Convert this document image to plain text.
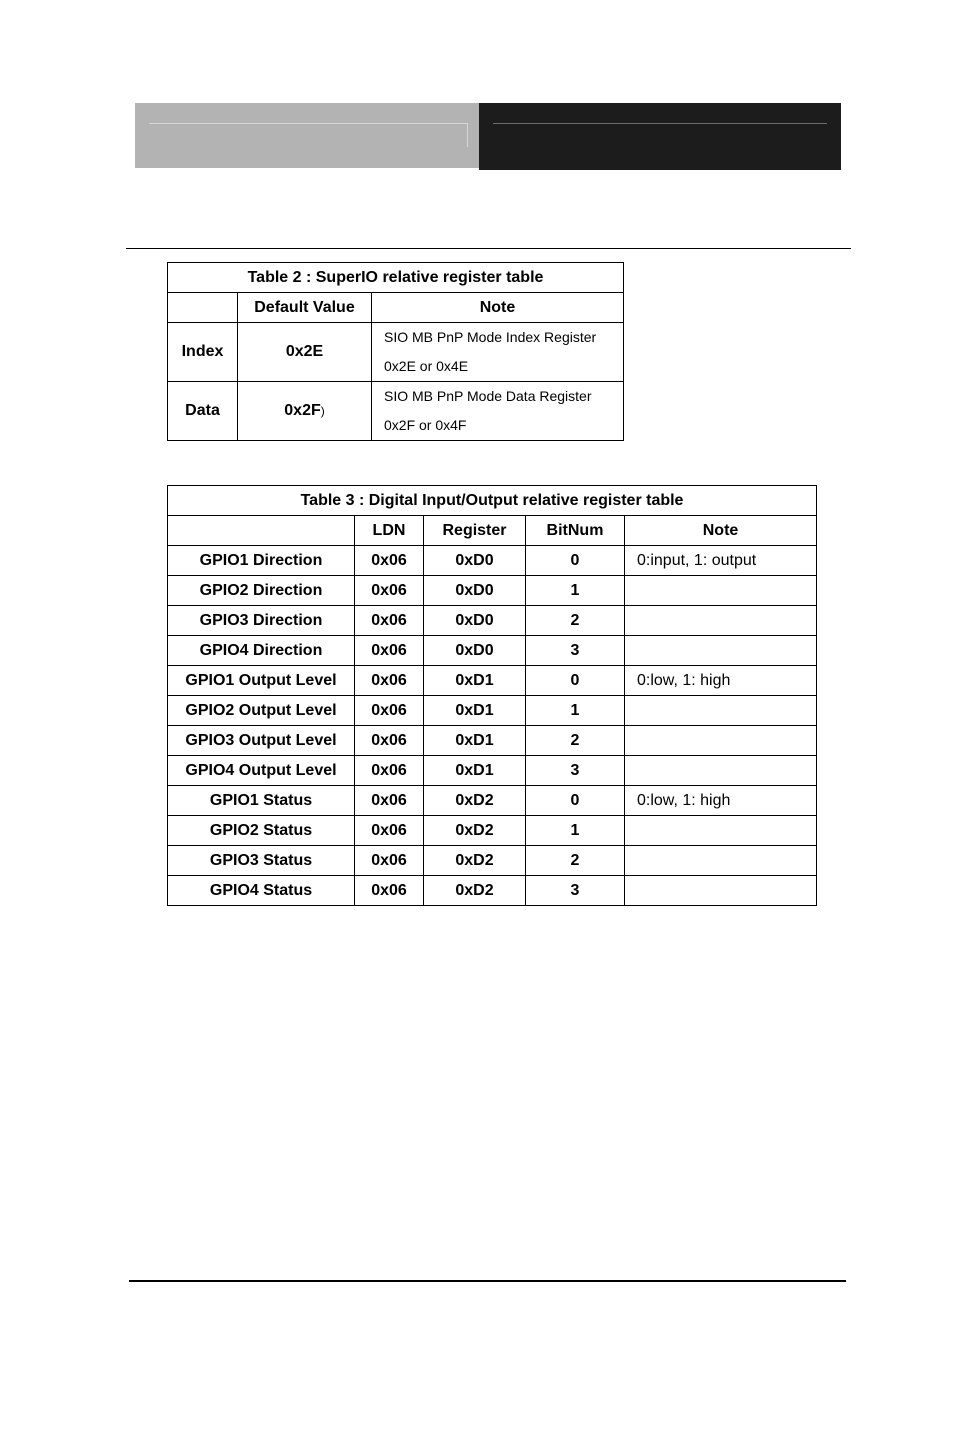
Table 2 : SuperIO relative register table		
	Default Value	Note
Index	0x2E	SIO MB PnP Mode Index Register
0x2E or 0x4E
Data	0x2F)	SIO MB PnP Mode Data Register
0x2F or 0x4F
Table 3 : Digital Input/Output relative register table				
	LDN	Register	BitNum	Note
GPIO1 Direction	0x06	0xD0	0	0:input, 1: output
GPIO2 Direction	0x06	0xD0	1	
GPIO3 Direction	0x06	0xD0	2	
GPIO4 Direction	0x06	0xD0	3	
GPIO1 Output Level	0x06	0xD1	0	0:low, 1: high
GPIO2 Output Level	0x06	0xD1	1	
GPIO3 Output Level	0x06	0xD1	2	
GPIO4 Output Level	0x06	0xD1	3	
GPIO1 Status	0x06	0xD2	0	0:low, 1: high
GPIO2 Status	0x06	0xD2	1	
GPIO3 Status	0x06	0xD2	2	
GPIO4 Status	0x06	0xD2	3	
